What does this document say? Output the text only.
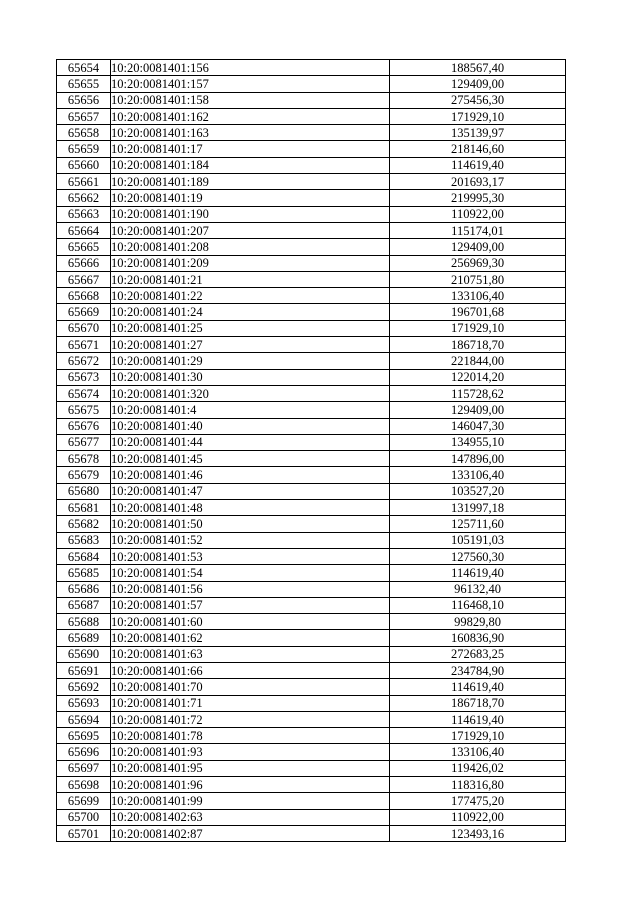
65654	10:20:0081401:156	188567,40
65655	10:20:0081401:157	129409,00
65656	10:20:0081401:158	275456,30
65657	10:20:0081401:162	171929,10
65658	10:20:0081401:163	135139,97
65659	10:20:0081401:17	218146,60
65660	10:20:0081401:184	114619,40
65661	10:20:0081401:189	201693,17
65662	10:20:0081401:19	219995,30
65663	10:20:0081401:190	110922,00
65664	10:20:0081401:207	115174,01
65665	10:20:0081401:208	129409,00
65666	10:20:0081401:209	256969,30
65667	10:20:0081401:21	210751,80
65668	10:20:0081401:22	133106,40
65669	10:20:0081401:24	196701,68
65670	10:20:0081401:25	171929,10
65671	10:20:0081401:27	186718,70
65672	10:20:0081401:29	221844,00
65673	10:20:0081401:30	122014,20
65674	10:20:0081401:320	115728,62
65675	10:20:0081401:4	129409,00
65676	10:20:0081401:40	146047,30
65677	10:20:0081401:44	134955,10
65678	10:20:0081401:45	147896,00
65679	10:20:0081401:46	133106,40
65680	10:20:0081401:47	103527,20
65681	10:20:0081401:48	131997,18
65682	10:20:0081401:50	125711,60
65683	10:20:0081401:52	105191,03
65684	10:20:0081401:53	127560,30
65685	10:20:0081401:54	114619,40
65686	10:20:0081401:56	96132,40
65687	10:20:0081401:57	116468,10
65688	10:20:0081401:60	99829,80
65689	10:20:0081401:62	160836,90
65690	10:20:0081401:63	272683,25
65691	10:20:0081401:66	234784,90
65692	10:20:0081401:70	114619,40
65693	10:20:0081401:71	186718,70
65694	10:20:0081401:72	114619,40
65695	10:20:0081401:78	171929,10
65696	10:20:0081401:93	133106,40
65697	10:20:0081401:95	119426,02
65698	10:20:0081401:96	118316,80
65699	10:20:0081401:99	177475,20
65700	10:20:0081402:63	110922,00
65701	10:20:0081402:87	123493,16
